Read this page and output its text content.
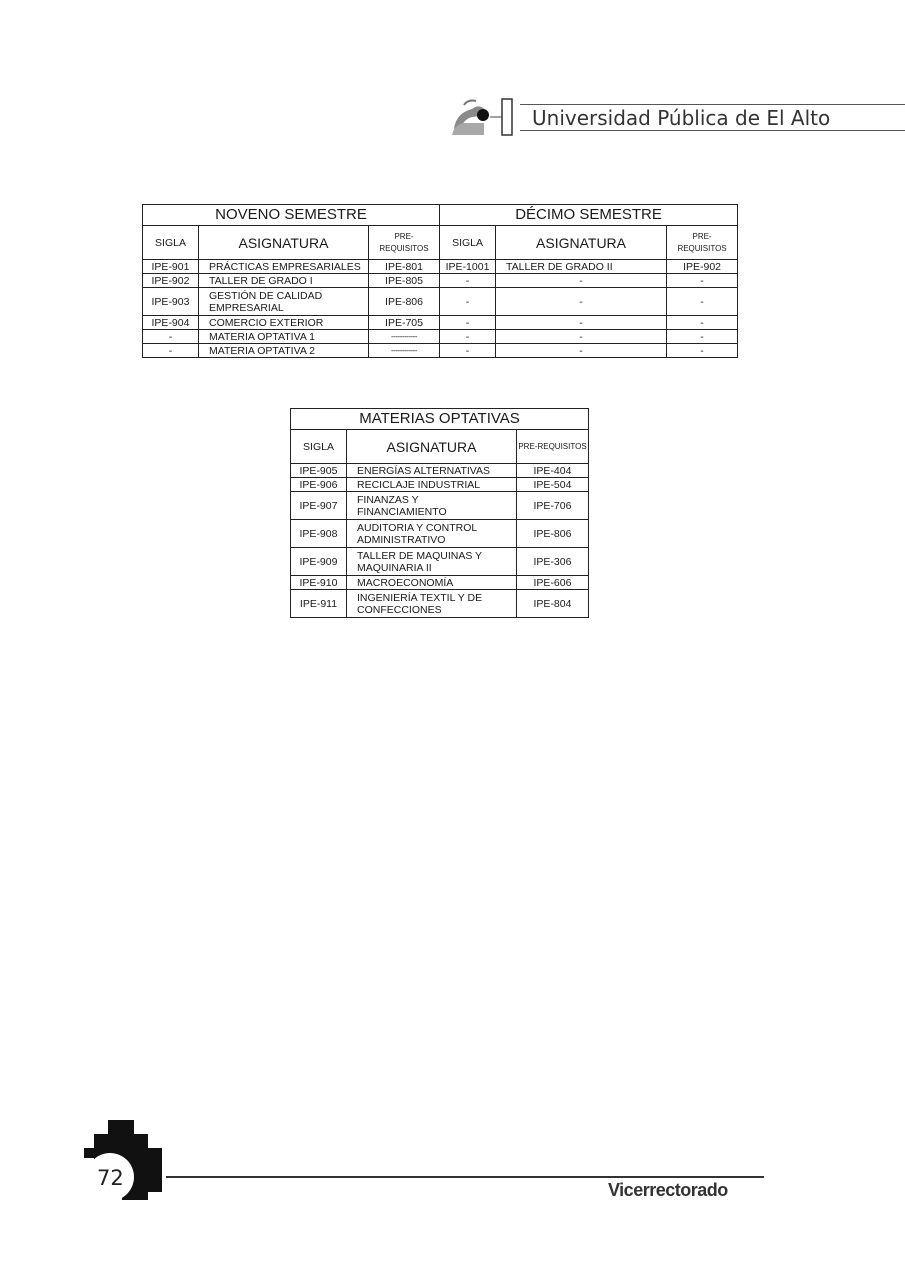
Universidad Pública de El Alto
NOVENO SEMESTRE			DÉCIMO SEMESTRE		
SIGLA	ASIGNATURA	PRE-REQUISITOS	SIGLA	ASIGNATURA	PRE-REQUISITOS
IPE-901	PRÁCTICAS EMPRESARIALES	IPE-801	IPE-1001	TALLER DE GRADO II	IPE-902
IPE-902	TALLER DE GRADO I	IPE-805	-	-	-
IPE-903	GESTIÓN DE CALIDAD EMPRESARIAL	IPE-806	-	-	-
IPE-904	COMERCIO EXTERIOR	IPE-705	-	-	-
-	MATERIA OPTATIVA 1	------------	-	-	-
-	MATERIA OPTATIVA 2	------------	-	-	-
MATERIAS OPTATIVAS		
SIGLA	ASIGNATURA	PRE-REQUISITOS
IPE-905	ENERGÍAS ALTERNATIVAS	IPE-404
IPE-906	RECICLAJE INDUSTRIAL	IPE-504
IPE-907	FINANZAS Y FINANCIAMIENTO	IPE-706
IPE-908	AUDITORIA Y CONTROL ADMINISTRATIVO	IPE-806
IPE-909	TALLER DE MAQUINAS Y MAQUINARIA II	IPE-306
IPE-910	MACROECONOMÍA	IPE-606
IPE-911	INGENIERÍA TEXTIL Y DE CONFECCIONES	IPE-804
72	Vicerrectorado
